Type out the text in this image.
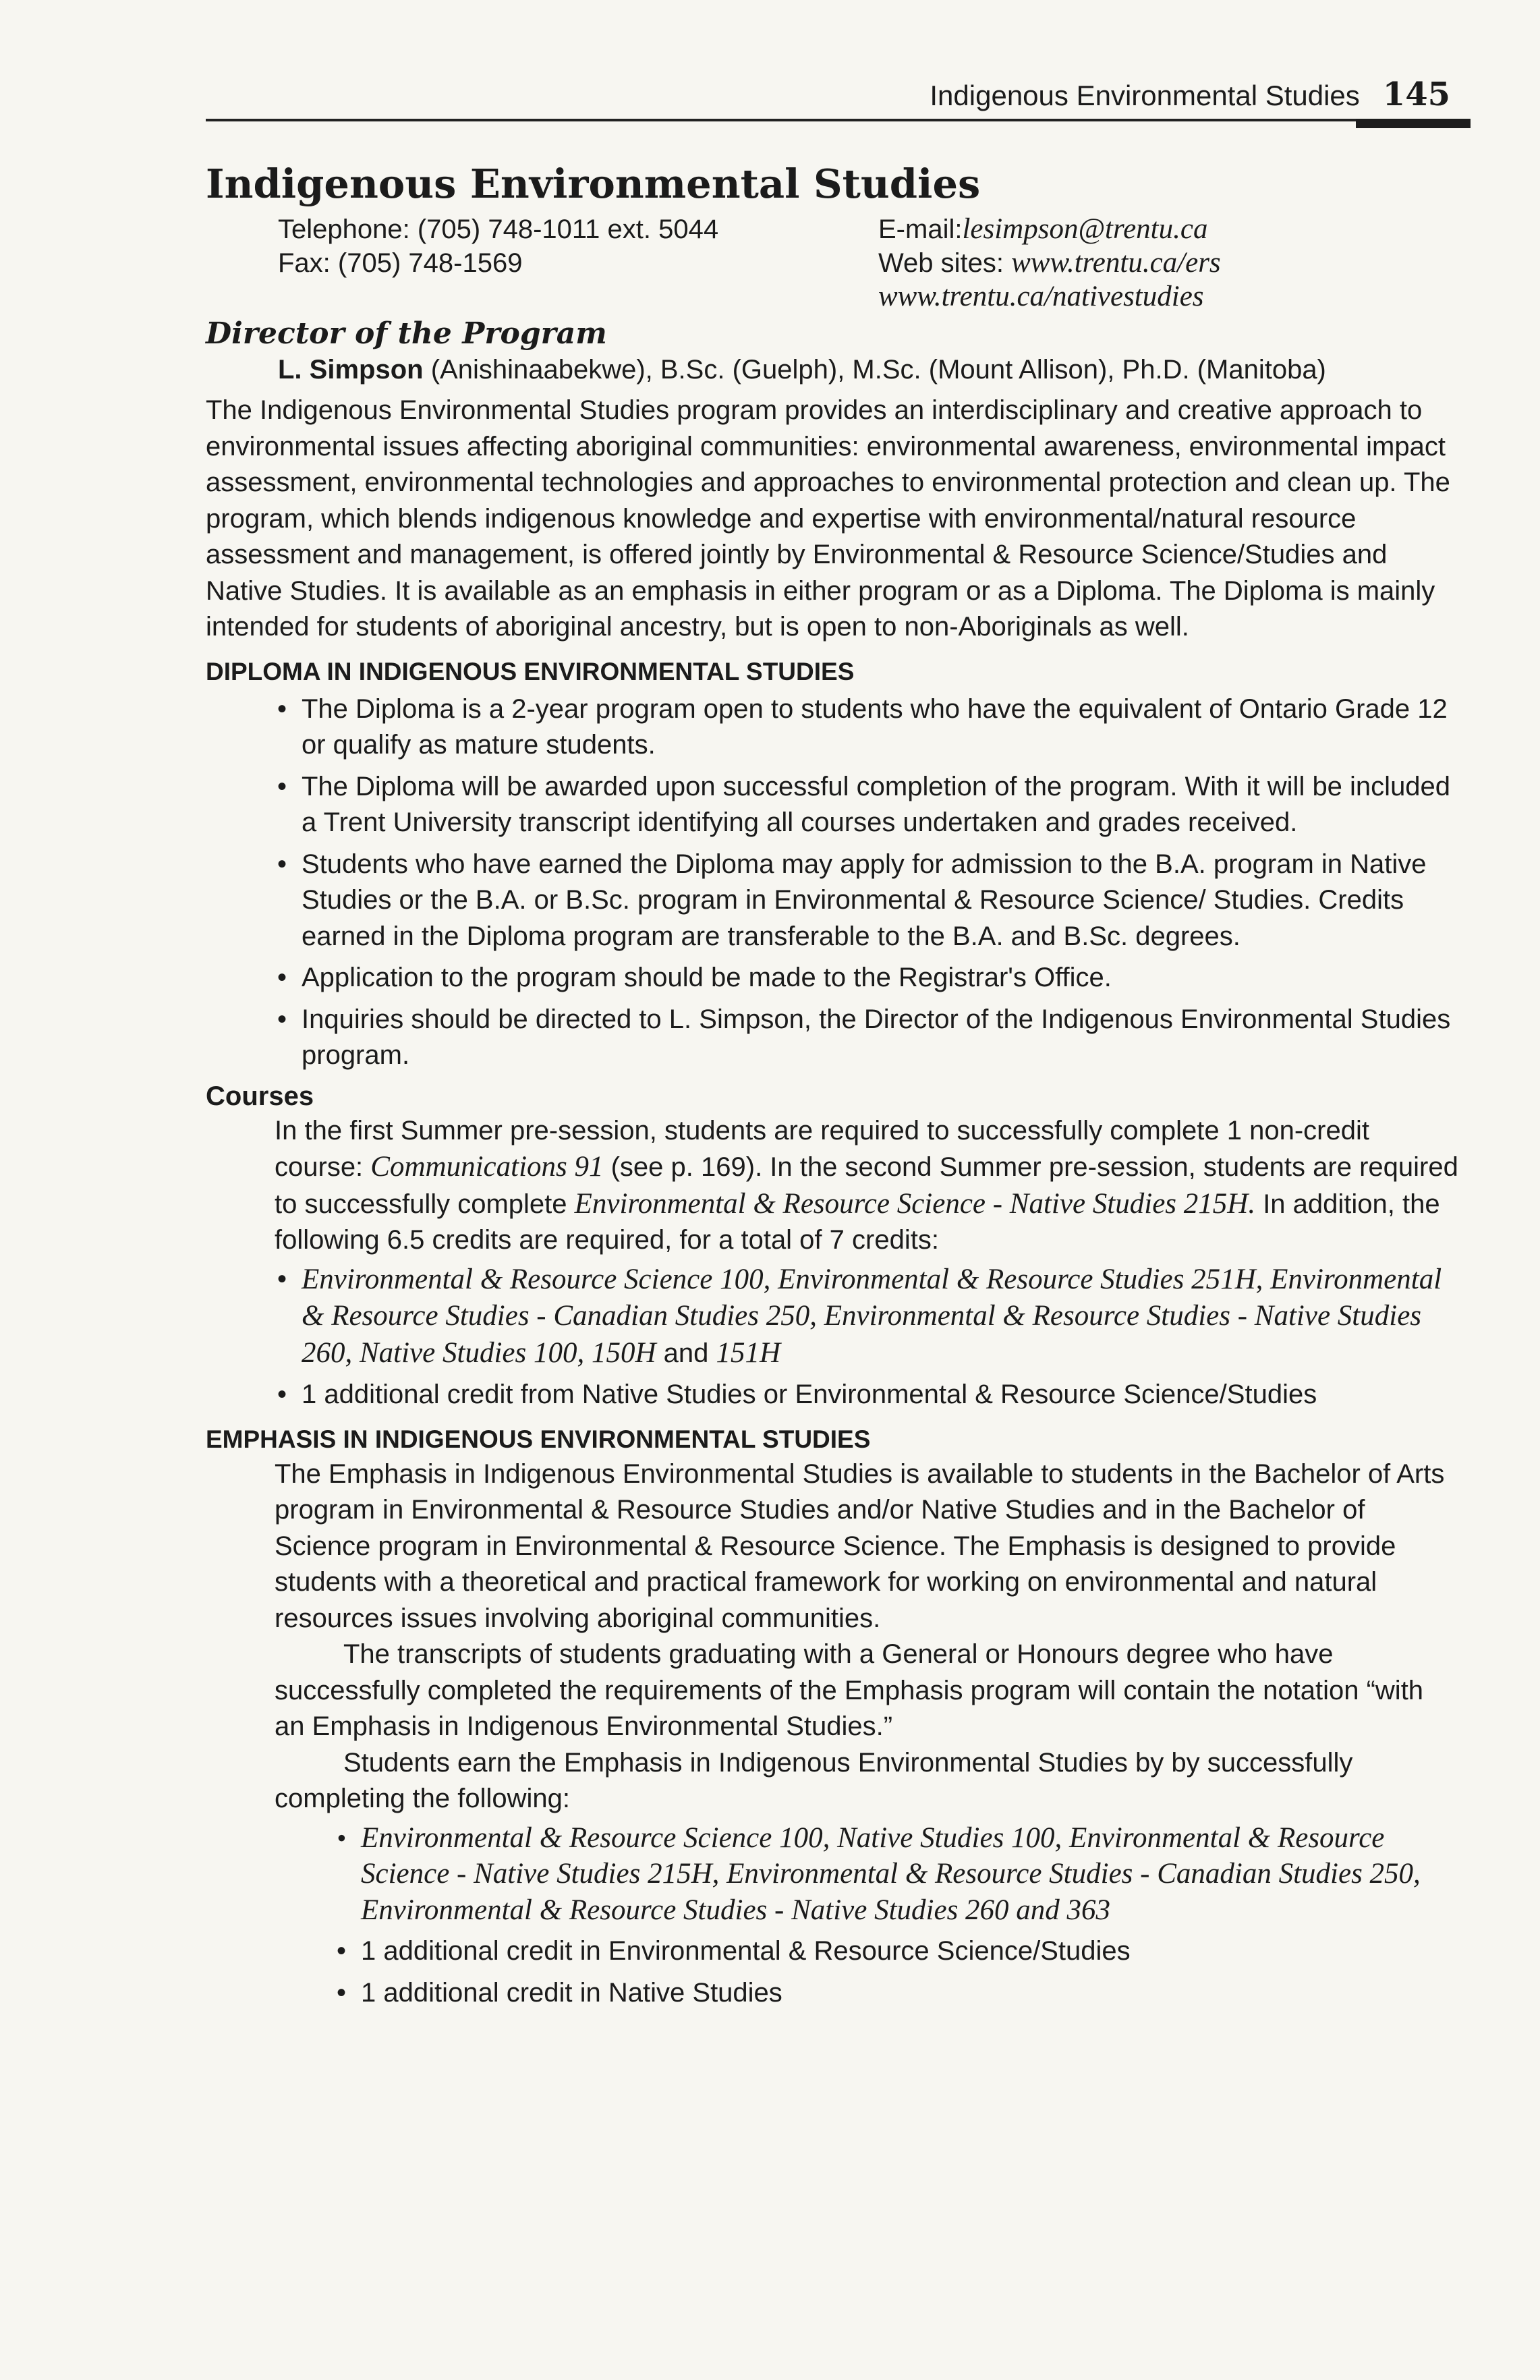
Indigenous Environmental Studies 145
Indigenous Environmental Studies
Telephone: (705) 748-1011 ext. 5044	E-mail:lesimpson@trentu.ca
Fax: (705) 748-1569	Web sites: www.trentu.ca/ers
www.trentu.ca/nativestudies
Director of the Program
L. Simpson (Anishinaabekwe), B.Sc. (Guelph), M.Sc. (Mount Allison), Ph.D. (Manitoba)

The Indigenous Environmental Studies program provides an interdisciplinary and creative approach to environmental issues affecting aboriginal communities: environmental awareness, environmental impact assessment, environmental technologies and approaches to environmental protection and clean up. The program, which blends indigenous knowledge and expertise with environmental/natural resource assessment and management, is offered jointly by Environmental & Resource Science/Studies and Native Studies. It is available as an emphasis in either program or as a Diploma. The Diploma is mainly intended for students of aboriginal ancestry, but is open to non-Aboriginals as well.

DIPLOMA IN INDIGENOUS ENVIRONMENTAL STUDIES
• The Diploma is a 2-year program open to students who have the equivalent of Ontario Grade 12 or qualify as mature students.
• The Diploma will be awarded upon successful completion of the program. With it will be included a Trent University transcript identifying all courses undertaken and grades received.
• Students who have earned the Diploma may apply for admission to the B.A. program in Native Studies or the B.A. or B.Sc. program in Environmental & Resource Science/ Studies. Credits earned in the Diploma program are transferable to the B.A. and B.Sc. degrees.
• Application to the program should be made to the Registrar's Office.
• Inquiries should be directed to L. Simpson, the Director of the Indigenous Environmental Studies program.
Courses

In the first Summer pre-session, students are required to successfully complete 1 non-credit course: Communications 91 (see p. 169). In the second Summer pre-session, students are required to successfully complete Environmental & Resource Science - Native Studies 215H. In addition, the following 6.5 credits are required, for a total of 7 credits:

• Environmental & Resource Science 100, Environmental & Resource Studies 251H, Environmental & Resource Studies - Canadian Studies 250, Environmental & Resource Studies - Native Studies 260, Native Studies 100, 150H and 151H
• 1 additional credit from Native Studies or Environmental & Resource Science/Studies
EMPHASIS IN INDIGENOUS ENVIRONMENTAL STUDIES

The Emphasis in Indigenous Environmental Studies is available to students in the Bachelor of Arts program in Environmental & Resource Studies and/or Native Studies and in the Bachelor of Science program in Environmental & Resource Science. The Emphasis is designed to provide students with a theoretical and practical framework for working on environmental and natural resources issues involving aboriginal communities.

The transcripts of students graduating with a General or Honours degree who have successfully completed the requirements of the Emphasis program will contain the notation “with an Emphasis in Indigenous Environmental Studies.”

Students earn the Emphasis in Indigenous Environmental Studies by by successfully completing the following:

• Environmental & Resource Science 100, Native Studies 100, Environmental & Resource Science - Native Studies 215H, Environmental & Resource Studies - Canadian Studies 250, Environmental & Resource Studies - Native Studies 260 and 363
• 1 additional credit in Environmental & Resource Science/Studies
• 1 additional credit in Native Studies
